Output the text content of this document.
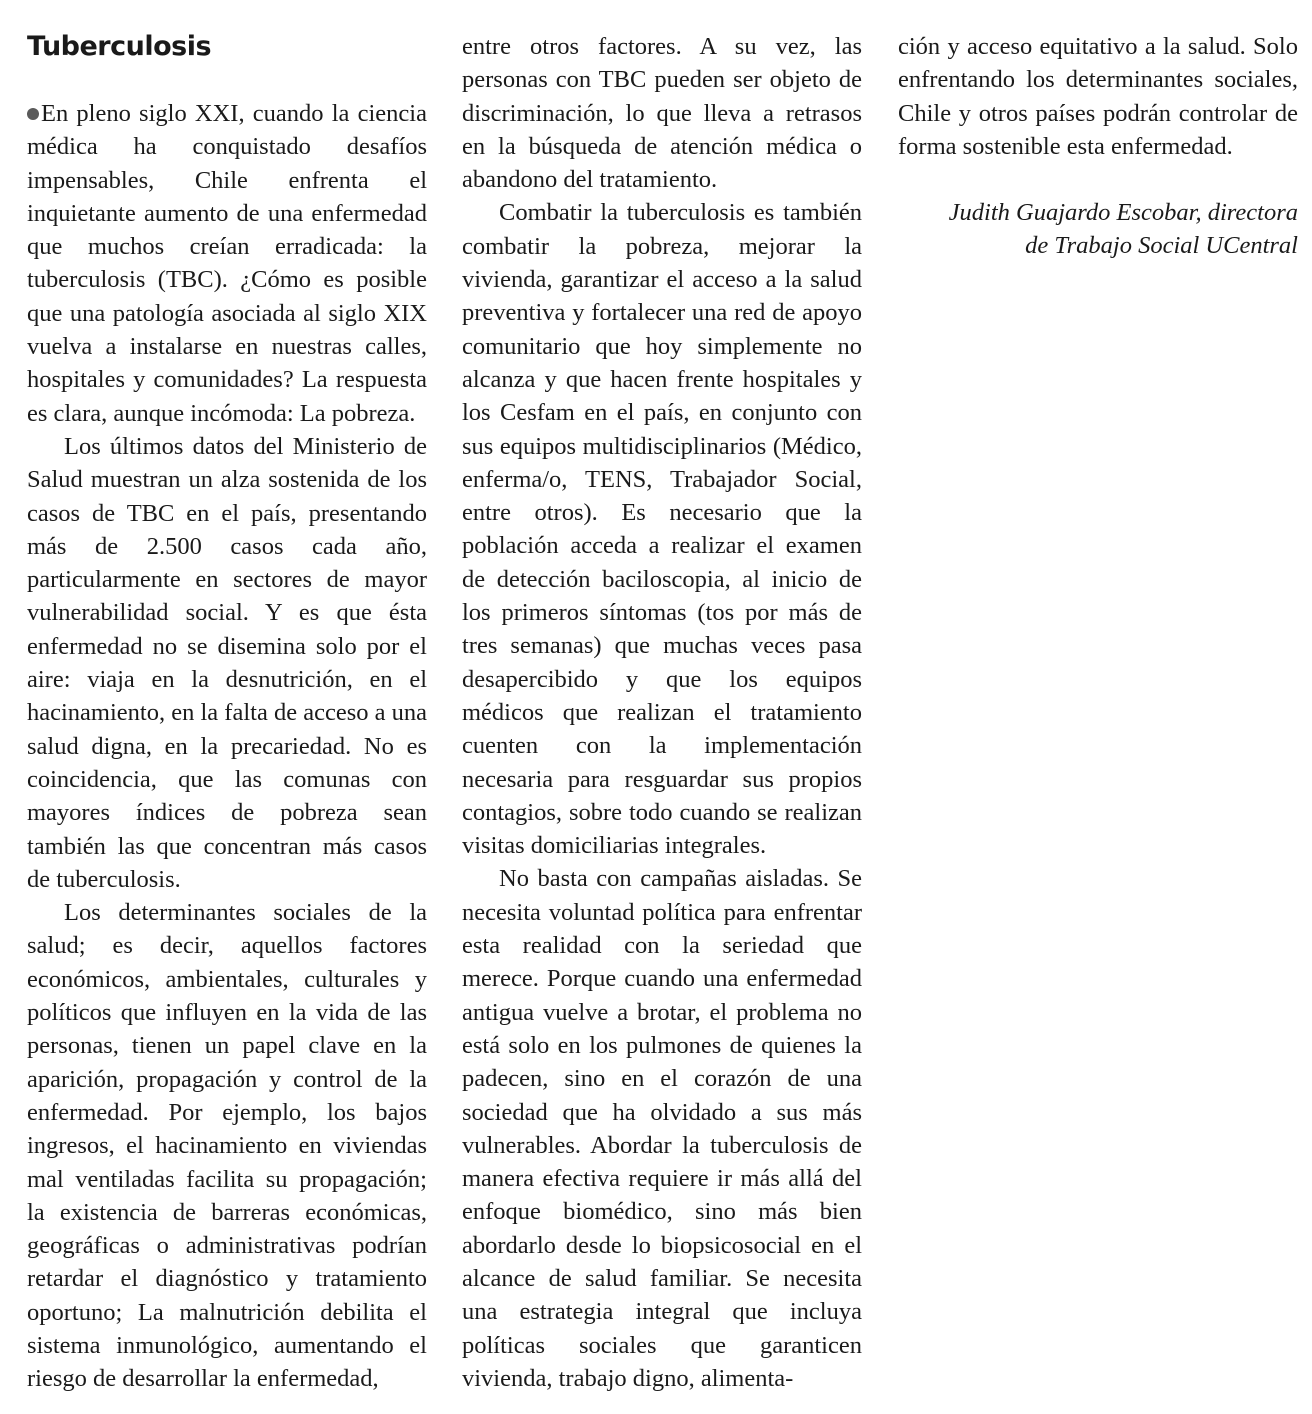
Tuberculosis

En pleno siglo XXI, cuando la ciencia médica ha conquistado desafíos impensables, Chile enfrenta el inquietante aumento de una enfermedad que muchos creían erradicada: la tuberculosis (TBC). ¿Cómo es posible que una patología asociada al siglo XIX vuelva a instalarse en nuestras calles, hospitales y comunidades? La respuesta es clara, aunque incómoda: La pobreza.

Los últimos datos del Ministerio de Salud muestran un alza sostenida de los casos de TBC en el país, presentando más de 2.500 casos cada año, particularmente en sectores de mayor vulnerabilidad social. Y es que ésta enfermedad no se disemina solo por el aire: viaja en la desnutrición, en el hacinamiento, en la falta de acceso a una salud digna, en la precariedad. No es coincidencia, que las comunas con mayores índices de pobreza sean también las que concentran más casos de tuberculosis.

Los determinantes sociales de la salud; es decir, aquellos factores económicos, ambientales, culturales y políticos que influyen en la vida de las personas, tienen un papel clave en la aparición, propagación y control de la enfermedad. Por ejemplo, los bajos ingresos, el hacinamiento en viviendas mal ventiladas facilita su propagación; la existencia de barreras económicas, geográficas o administrativas podrían retardar el diagnóstico y tratamiento oportuno; La malnutrición debilita el sistema inmunológico, aumentando el riesgo de desarrollar la enfermedad,

entre otros factores. A su vez, las personas con TBC pueden ser objeto de discriminación, lo que lleva a retrasos en la búsqueda de atención médica o abandono del tratamiento.

Combatir la tuberculosis es también combatir la pobreza, mejorar la vivienda, garantizar el acceso a la salud preventiva y fortalecer una red de apoyo comunitario que hoy simplemente no alcanza y que hacen frente hospitales y los Cesfam en el país, en conjunto con sus equipos multidisciplinarios (Médico, enferma/o, TENS, Trabajador Social, entre otros). Es necesario que la población acceda a realizar el examen de detección baciloscopia, al inicio de los primeros síntomas (tos por más de tres semanas) que muchas veces pasa desapercibido y que los equipos médicos que realizan el tratamiento cuenten con la implementación necesaria para resguardar sus propios contagios, sobre todo cuando se realizan visitas domiciliarias integrales.

No basta con campañas aisladas. Se necesita voluntad política para enfrentar esta realidad con la seriedad que merece. Porque cuando una enfermedad antigua vuelve a brotar, el problema no está solo en los pulmones de quienes la padecen, sino en el corazón de una sociedad que ha olvidado a sus más vulnerables. Abordar la tuberculosis de manera efectiva requiere ir más allá del enfoque biomédico, sino más bien abordarlo desde lo biopsicosocial en el alcance de salud familiar. Se necesita una estrategia integral que incluya políticas sociales que garanticen vivienda, trabajo digno, alimenta-

ción y acceso equitativo a la salud. Solo enfrentando los determinantes sociales, Chile y otros países podrán controlar de forma sostenible esta enfermedad.

Judith Guajardo Escobar, directora
de Trabajo Social UCentral
